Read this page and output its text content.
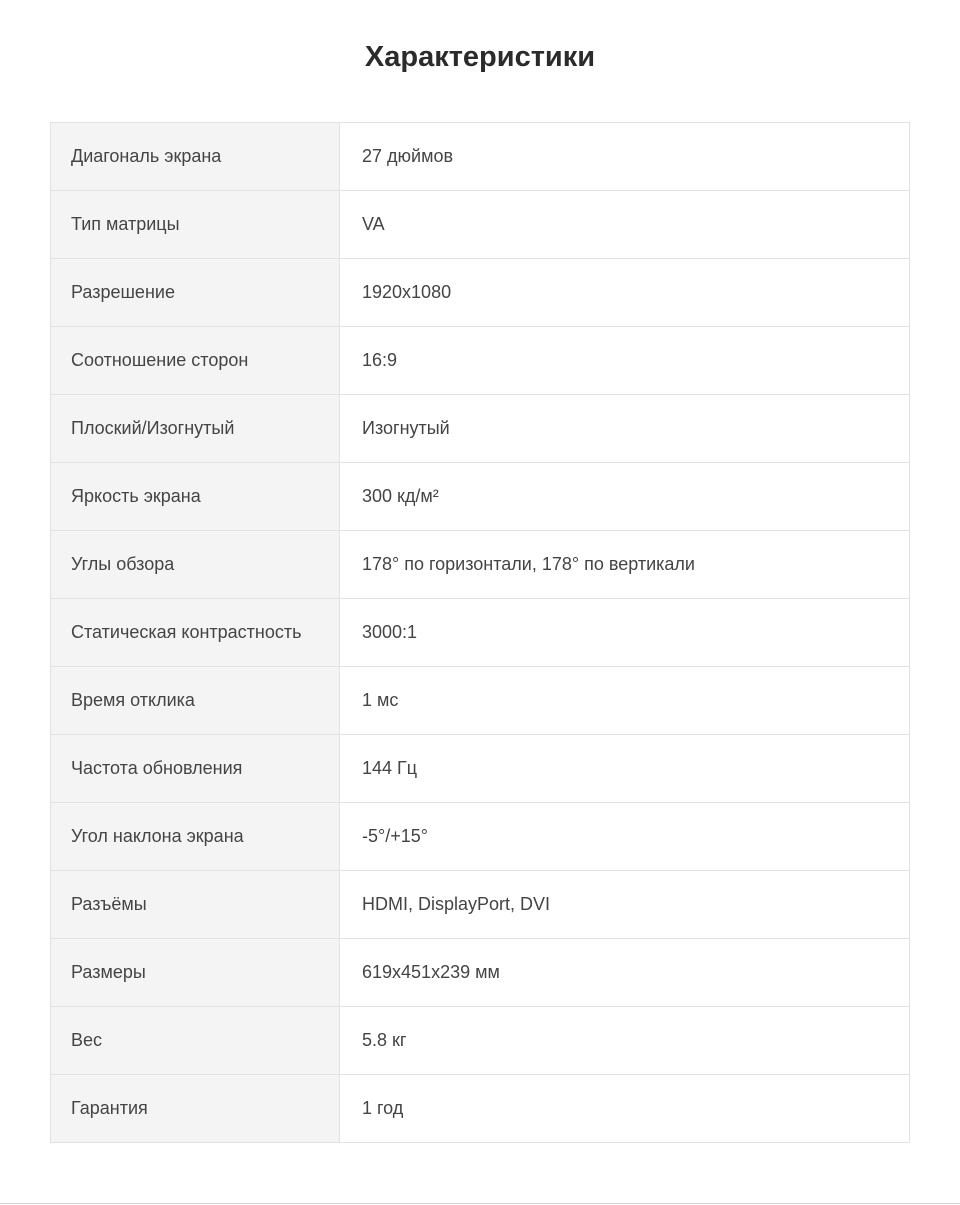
Характеристики
Диагональ экрана	27 дюймов
Тип матрицы	VA
Разрешение	1920x1080
Соотношение сторон	16:9
Плоский/Изогнутый	Изогнутый
Яркость экрана	300 кд/м²
Углы обзора	178° по горизонтали, 178° по вертикали
Статическая контрастность	3000:1
Время отклика	1 мс
Частота обновления	144 Гц
Угол наклона экрана	-5°/+15°
Разъёмы	HDMI, DisplayPort, DVI
Размеры	619x451x239 мм
Вес	5.8 кг
Гарантия	1 год
